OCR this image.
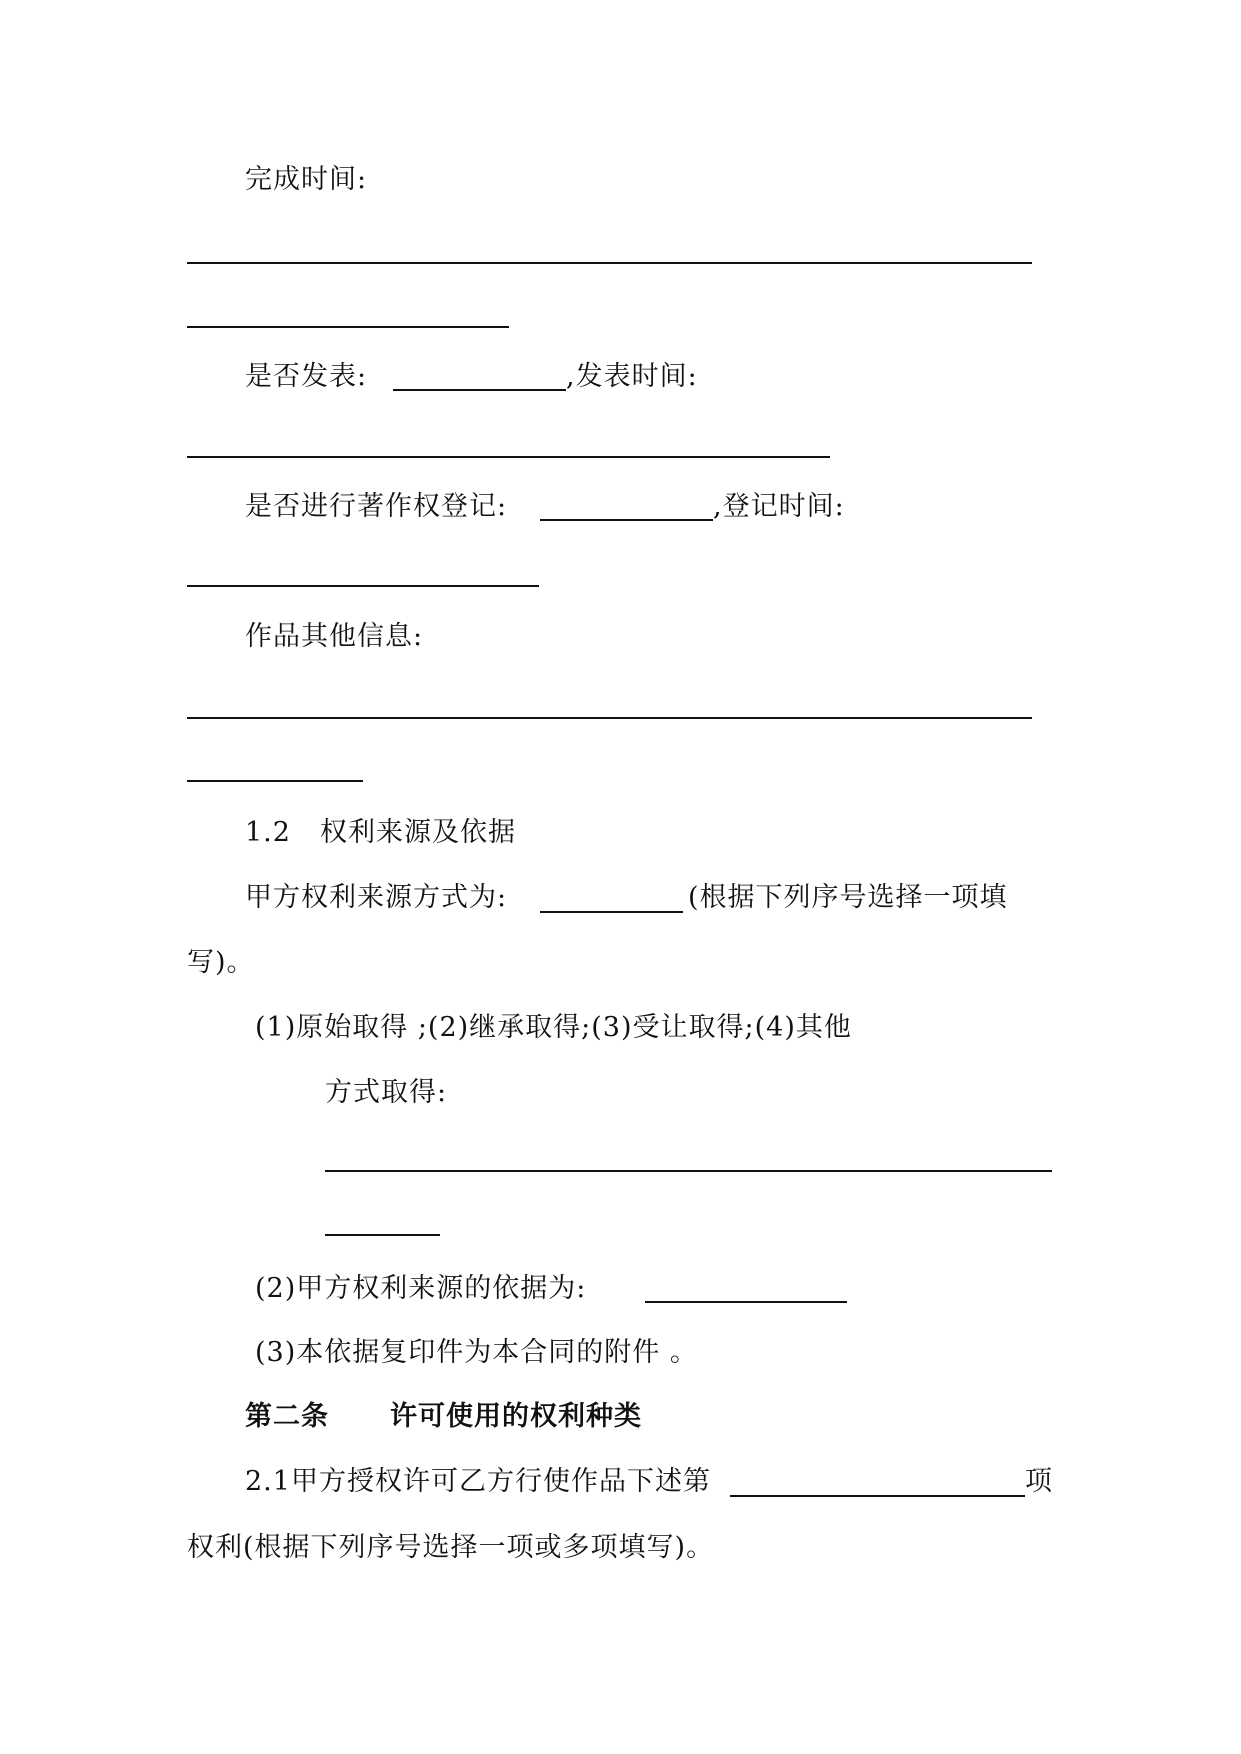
完成时间:
是否发表:	,发表时间:
是否进行著作权登记:	,登记时间:
作品其他信息:
1.2 权利来源及依据
甲方权利来源方式为:	(根据下列序号选择一项填
写)。
(1)原始取得 ;(2)继承取得;(3)受让取得;(4)其他
方式取得:
(2)甲方权利来源的依据为:
(3)本依据复印件为本合同的附件 。
第二条 许可使用的权利种类
2.1甲方授权许可乙方行使作品下述第	项
权利(根据下列序号选择一项或多项填写)。
